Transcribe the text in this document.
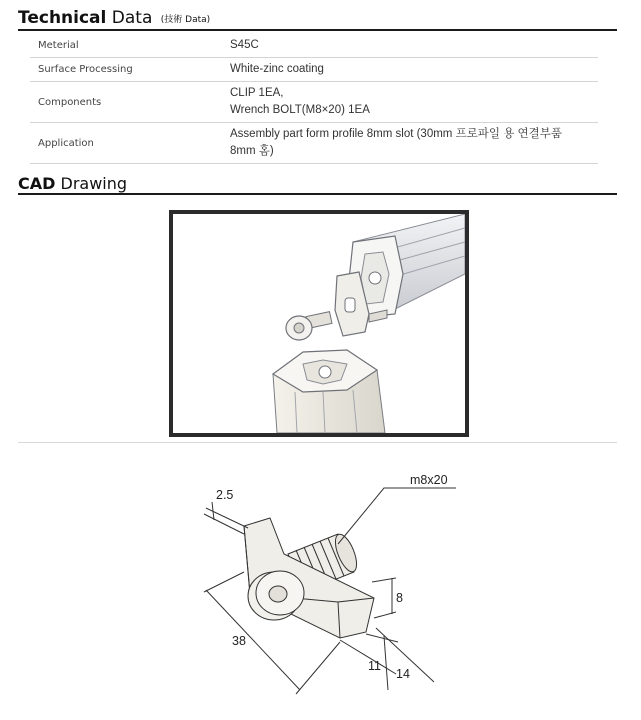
Technical Data (技術 Data)
Meterial	S45C
Surface Processing	White-zinc coating
Components	CLIP 1EA,
Wrench BOLT(M8×20) 1EA

Application	Assembly part form profile 8mm slot (30mm 프로파일 용 연결부품
8mm 홈)
CAD Drawing
2.5
m8x20
8
38
11
14
